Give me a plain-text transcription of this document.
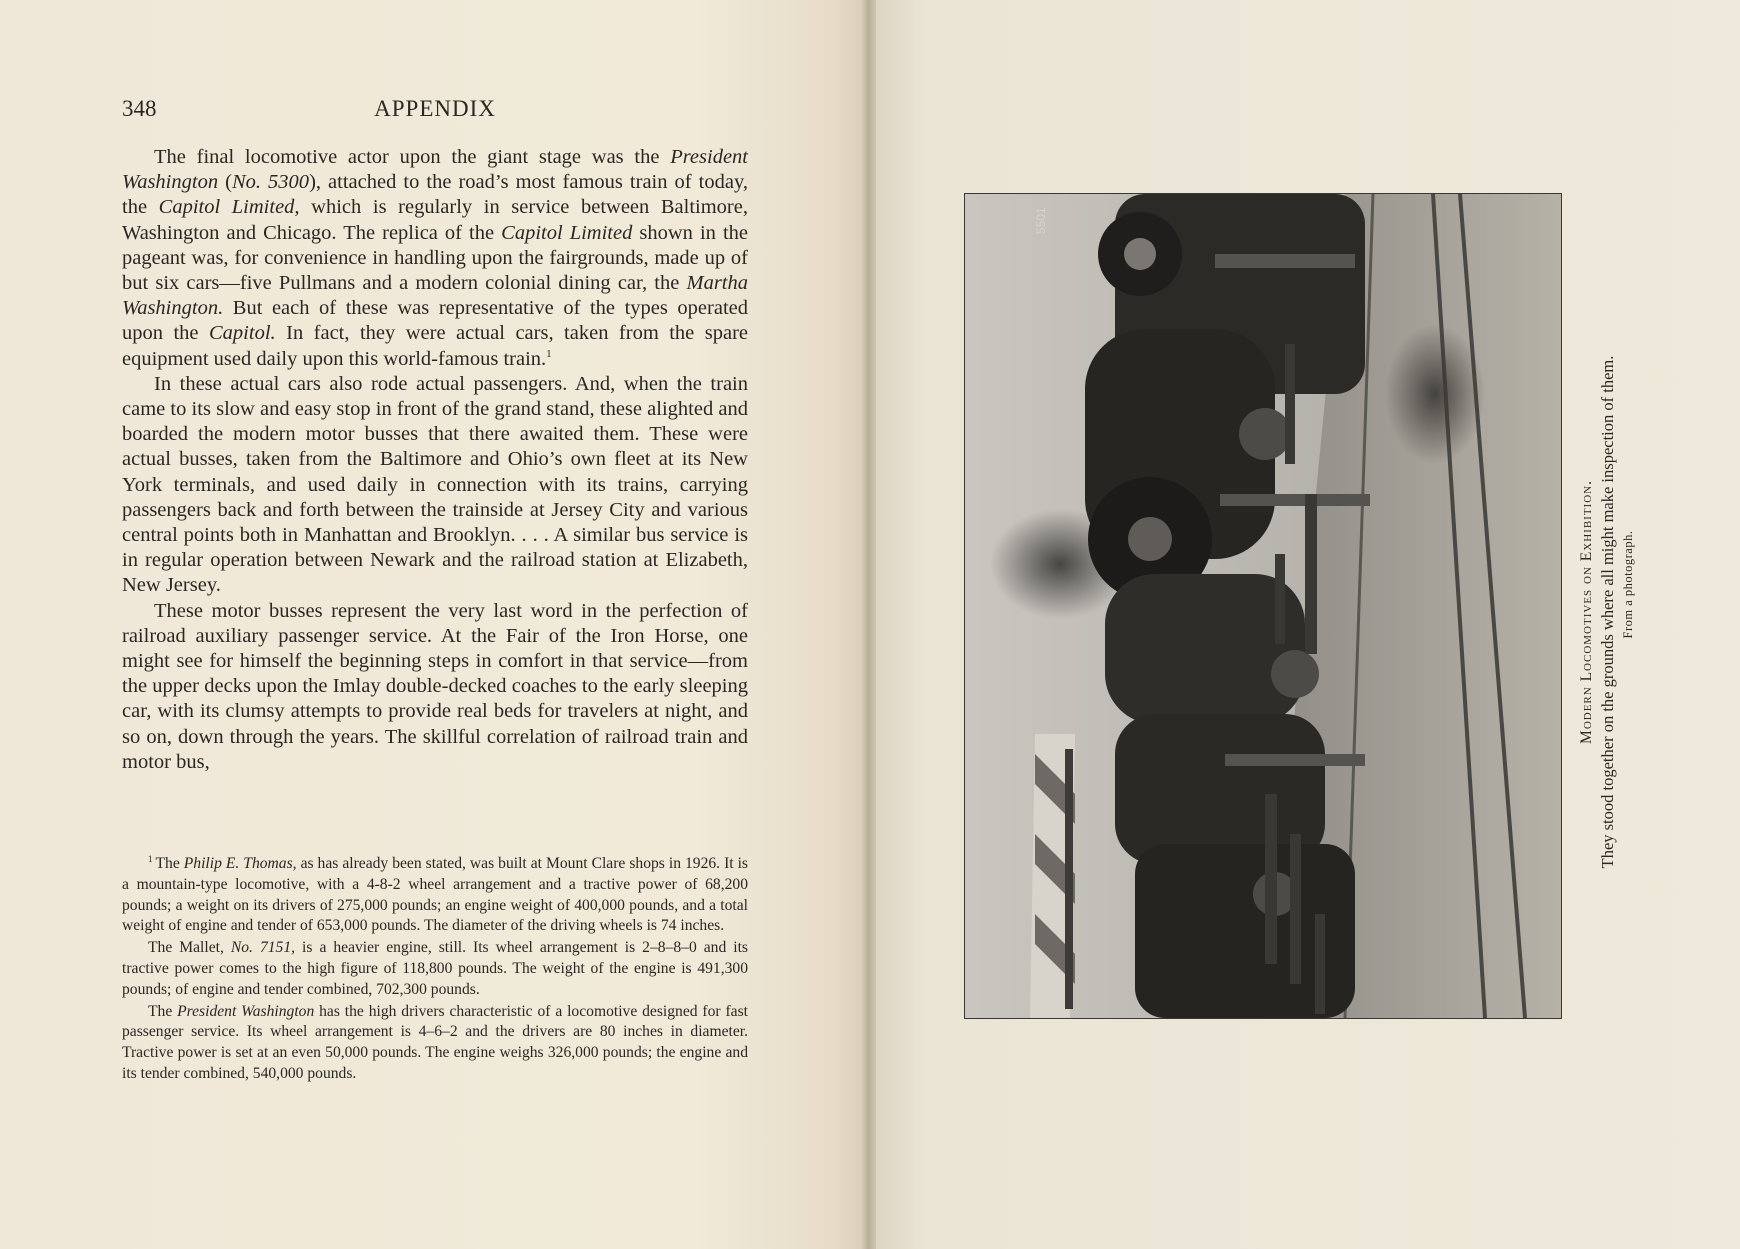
348	APPENDIX

The final locomotive actor upon the giant stage was the President Washington (No. 5300), attached to the road’s most famous train of today, the Capitol Limited, which is regularly in service between Baltimore, Washington and Chicago. The replica of the Capitol Limited shown in the pageant was, for convenience in handling upon the fairgrounds, made up of but six cars—five Pullmans and a modern colonial dining car, the Martha Washington. But each of these was representative of the types operated upon the Capitol. In fact, they were actual cars, taken from the spare equipment used daily upon this world-famous train.$^1$

In these actual cars also rode actual passengers. And, when the train came to its slow and easy stop in front of the grand stand, these alighted and boarded the modern motor busses that there awaited them. These were actual busses, taken from the Baltimore and Ohio’s own fleet at its New York terminals, and used daily in connection with its trains, carrying passengers back and forth between the trainside at Jersey City and various central points both in Manhattan and Brooklyn. . . . A similar bus service is in regular operation between Newark and the railroad station at Elizabeth, New Jersey.

These motor busses represent the very last word in the perfection of railroad auxiliary passenger service. At the Fair of the Iron Horse, one might see for himself the beginning steps in comfort in that service—from the upper decks upon the Imlay double-decked coaches to the early sleeping car, with its clumsy attempts to provide real beds for travelers at night, and so on, down through the years. The skillful correlation of railroad train and motor bus,

$^1$ The Philip E. Thomas, as has already been stated, was built at Mount Clare shops in 1926. It is a mountain-type locomotive, with a 4-8-2 wheel arrangement and a tractive power of 68,200 pounds; a weight on its drivers of 275,000 pounds; an engine weight of 400,000 pounds, and a total weight of engine and tender of 653,000 pounds. The diameter of the driving wheels is 74 inches.

The Mallet, No. 7151, is a heavier engine, still. Its wheel arrangement is 2–8–8–0 and its tractive power comes to the high figure of 118,800 pounds. The weight of the engine is 491,300 pounds; of engine and tender combined, 702,300 pounds.

The President Washington has the high drivers characteristic of a locomotive designed for fast passenger service. Its wheel arrangement is 4–6–2 and the drivers are 80 inches in diameter. Tractive power is set at an even 50,000 pounds. The engine weighs 326,000 pounds; the engine and its tender combined, 540,000 pounds.

5501
Modern Locomotives on Exhibition. They stood together on the grounds where all might make inspection of them. From a photograph.
